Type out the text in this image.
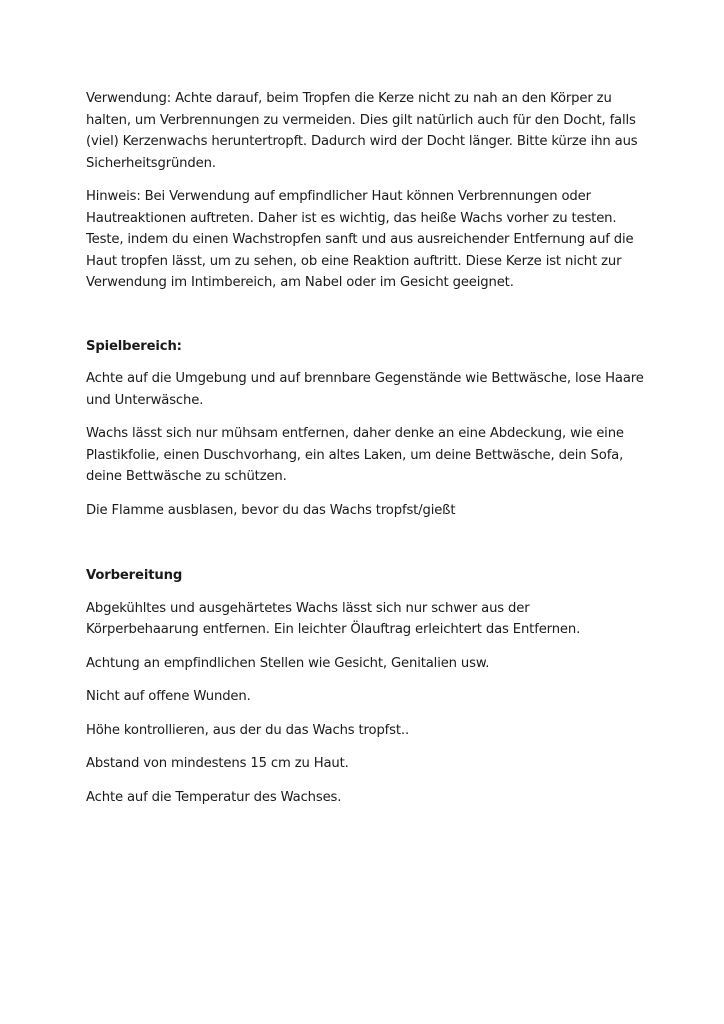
Verwendung: Achte darauf, beim Tropfen die Kerze nicht zu nah an den Körper zu halten, um Verbrennungen zu vermeiden. Dies gilt natürlich auch für den Docht, falls (viel) Kerzenwachs heruntertropft. Dadurch wird der Docht länger. Bitte kürze ihn aus Sicherheitsgründen.

Hinweis: Bei Verwendung auf empfindlicher Haut können Verbrennungen oder Hautreaktionen auftreten. Daher ist es wichtig, das heiße Wachs vorher zu testen. Teste, indem du einen Wachstropfen sanft und aus ausreichender Entfernung auf die Haut tropfen lässt, um zu sehen, ob eine Reaktion auftritt. Diese Kerze ist nicht zur Verwendung im Intimbereich, am Nabel oder im Gesicht geeignet.

Spielbereich:

Achte auf die Umgebung und auf brennbare Gegenstände wie Bettwäsche, lose Haare und Unterwäsche.

Wachs lässt sich nur mühsam entfernen, daher denke an eine Abdeckung, wie eine Plastikfolie, einen Duschvorhang, ein altes Laken, um deine Bettwäsche, dein Sofa, deine Bettwäsche zu schützen.

Die Flamme ausblasen, bevor du das Wachs tropfst/gießt

Vorbereitung

Abgekühltes und ausgehärtetes Wachs lässt sich nur schwer aus der Körperbehaarung entfernen. Ein leichter Ölauftrag erleichtert das Entfernen.

Achtung an empfindlichen Stellen wie Gesicht, Genitalien usw.

Nicht auf offene Wunden.

Höhe kontrollieren, aus der du das Wachs tropfst..

Abstand von mindestens 15 cm zu Haut.

Achte auf die Temperatur des Wachses.
